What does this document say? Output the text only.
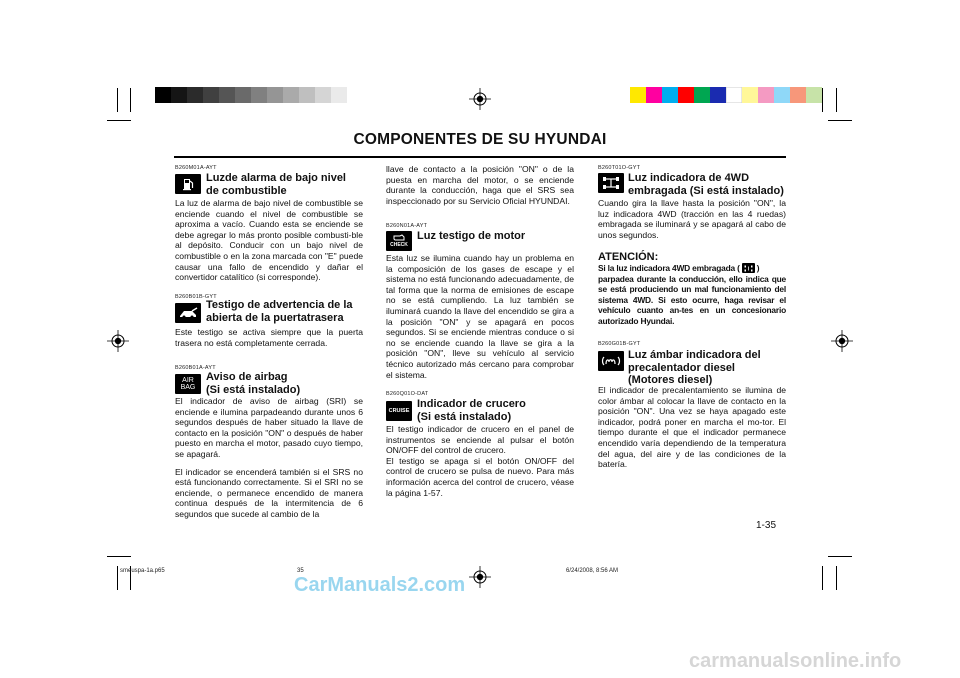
COMPONENTES DE SU HYUNDAI
B260M01A-AYT
Luzde alarma de bajo nivel
de combustible
La luz de alarma de bajo nivel de combustible se enciende cuando el nivel de combustible se aproxima a vacío. Cuando esta se enciende se debe agregar lo más pronto posible combusti-ble al depósito. Conducir con un bajo nivel de combustible o en la zona marcada con "E" puede causar una fallo de encendido y dañar el convertidor catalítico (si corresponde).
B260B01B-GYT
Testigo de advertencia de la
abierta de la puertatrasera
Este testigo se activa siempre que la puerta trasera no está completamente cerrada.
B260B01A-AYT
AIR
BAG
Aviso de airbag
(Si está instalado)
El indicador de aviso de airbag (SRI) se enciende e ilumina parpadeando durante unos 6 segundos después de haber situado la llave de contacto en la posición "ON" o después de haber puesto en marcha el motor, pasado cuyo tiempo, se apagará.
El indicador se encenderá también si el SRS no está funcionando correctamente. Si el SRI no se enciende, o permanece encendido de manera continua después de la intermitencia de 6 segundos que sucede al cambio de la
llave de contacto a la posición "ON" o de la puesta en marcha del motor, o se enciende durante la conducción, haga que el SRS sea inspeccionado por su Servicio Oficial HYUNDAI.
B260N01A-AYT
CHECK
Luz testigo de motor
Esta luz se ilumina cuando hay un problema en la composición de los gases de escape y el sistema no está funcionando adecuadamente, de tal forma que la norma de emisiones de escape no se está cumpliendo. La luz también se iluminará cuando la llave del encendido se gira a la posición "ON" y se apagará en pocos segundos. Si se enciende mientras conduce o si no se enciende cuando la llave se gira a la posición "ON", lleve su vehículo al servicio técnico autorizado más cercano para comprobar el sistema.
B260Q01O-DAT
CRUISE
Indicador de crucero
(Si está instalado)
El testigo indicador de crucero en el panel de instrumentos se enciende al pulsar el botón ON/OFF del control de crucero.
El testigo se apaga si el botón ON/OFF del control de crucero se pulsa de nuevo. Para más información acerca del control de crucero, véase la página 1-57.
B260T01O-GYT
Luz indicadora de 4WD
embragada (Si está instalado)
Cuando gira la llave hasta la posición "ON", la luz indicadora 4WD (tracción en las 4 ruedas) embragada se iluminará y se apagará al cabo de unos segundos.
ATENCIÓN:
Si la luz indicadora 4WD embragada ( )
parpadea durante la conducción, ello indica que se está produciendo un mal funcionamiento del sistema 4WD. Si esto ocurre, haga revisar el vehículo cuanto an-tes en un concesionario autorizado Hyundai.
B260G01B-GYT
Luz ámbar indicadora del
precalentador diesel
(Motores diesel)
El indicador de precalentamiento se ilumina de color ámbar al colocar la llave de contacto en la posición "ON". Una vez se haya apagado este indicador, podrá poner en marcha el mo-tor. El tiempo durante el que el indicador permanece encendido varía dependiendo de la temperatura del agua, del aire y de las condiciones de la batería.
1-35
smeuspa-1a.p65	35	6/24/2008, 8:56 AM
CarManuals2.com
carmanualsonline.info
